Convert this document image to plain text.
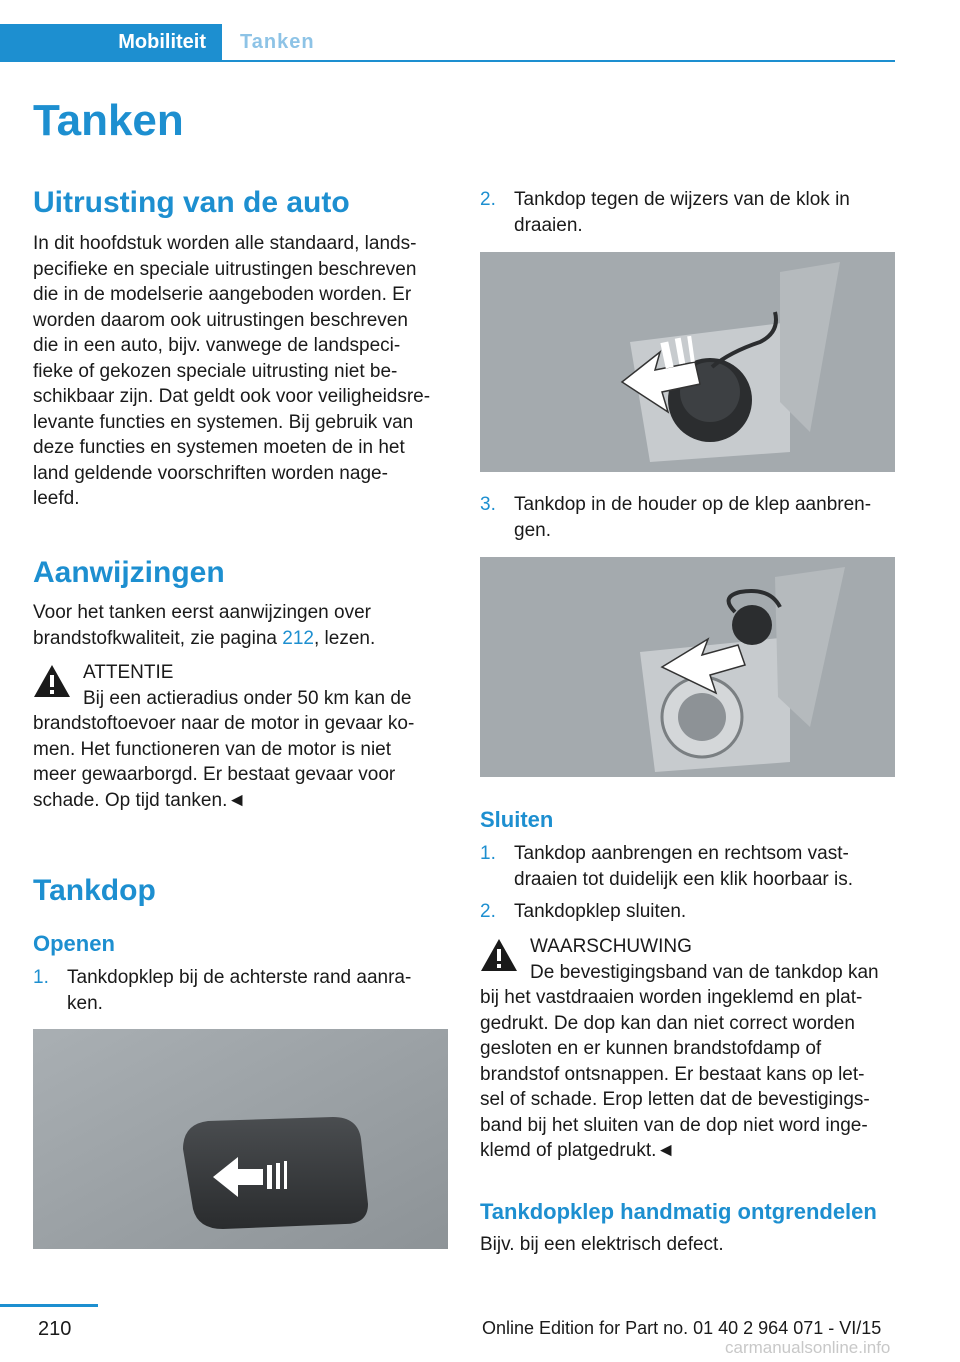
Mobiliteit	Tanken
Tanken
Uitrusting van de auto
In dit hoofdstuk worden alle standaard, lands-
pecifieke en speciale uitrustingen beschreven
die in de modelserie aangeboden worden. Er
worden daarom ook uitrustingen beschreven
die in een auto, bijv. vanwege de landspeci-
fieke of gekozen speciale uitrusting niet be-
schikbaar zijn. Dat geldt ook voor veiligheidsre-
levante functies en systemen. Bij gebruik van
deze functies en systemen moeten de in het
land geldende voorschriften worden nage-
leefd.
Aanwijzingen
Voor het tanken eerst aanwijzingen over
brandstofkwaliteit, zie pagina 212, lezen.
ATTENTIE
Bij een actieradius onder 50 km kan de
brandstoftoevoer naar de motor in gevaar ko-
men. Het functioneren van de motor is niet
meer gewaarborgd. Er bestaat gevaar voor
schade. Op tijd tanken.◄
Tankdop
Openen
1. Tankdopklep bij de achterste rand aanra-
ken.
2. Tankdop tegen de wijzers van de klok in
draaien.
3. Tankdop in de houder op de klep aanbren-
gen.
Sluiten
1. Tankdop aanbrengen en rechtsom vast-
draaien tot duidelijk een klik hoorbaar is.
2. Tankdopklep sluiten.
WAARSCHUWING
De bevestigingsband van de tankdop kan
bij het vastdraaien worden ingeklemd en plat-
gedrukt. De dop kan dan niet correct worden
gesloten en er kunnen brandstofdamp of
brandstof ontsnappen. Er bestaat kans op let-
sel of schade. Erop letten dat de bevestigings-
band bij het sluiten van de dop niet word inge-
klemd of platgedrukt.◄
Tankdopklep handmatig ontgrendelen
Bijv. bij een elektrisch defect.
210	Online Edition for Part no. 01 40 2 964 071 - VI/15
carmanualsonline.info
